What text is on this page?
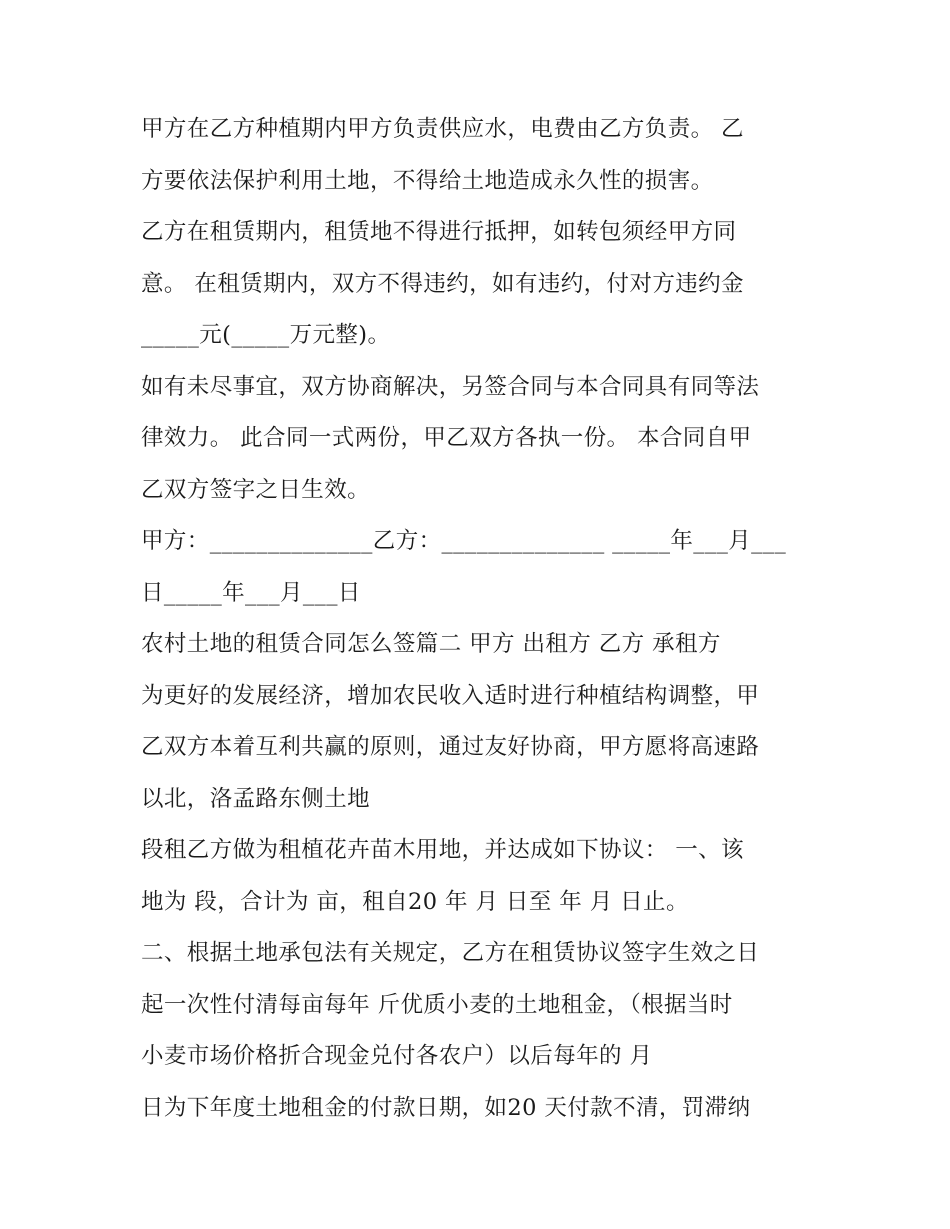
甲方在乙方种植期内甲方负责供应水，电费由乙方负责。 乙
方要依法保护利用土地，不得给土地造成永久性的损害。
乙方在租赁期内，租赁地不得进行抵押，如转包须经甲方同
意。 在租赁期内，双方不得违约，如有违约，付对方违约金
_____元(_____万元整)。
如有未尽事宜，双方协商解决，另签合同与本合同具有同等法
律效力。 此合同一式两份，甲乙双方各执一份。 本合同自甲
乙双方签字之日生效。
甲方：______________乙方：______________ _____年___月___
日_____年___月___日
农村土地的租赁合同怎么签篇二 甲方 出租方 乙方 承租方
为更好的发展经济，增加农民收入适时进行种植结构调整，甲
乙双方本着互利共赢的原则，通过友好协商，甲方愿将高速路
以北，洛孟路东侧土地
段租乙方做为租植花卉苗木用地，并达成如下协议： 一、该
地为 段，合计为 亩，租自20 年 月 日至 年 月 日止。
二、根据土地承包法有关规定，乙方在租赁协议签字生效之日
起一次性付清每亩每年 斤优质小麦的土地租金，（根据当时
小麦市场价格折合现金兑付各农户）以后每年的 月
日为下年度土地租金的付款日期，如20 天付款不清，罚滞纳
